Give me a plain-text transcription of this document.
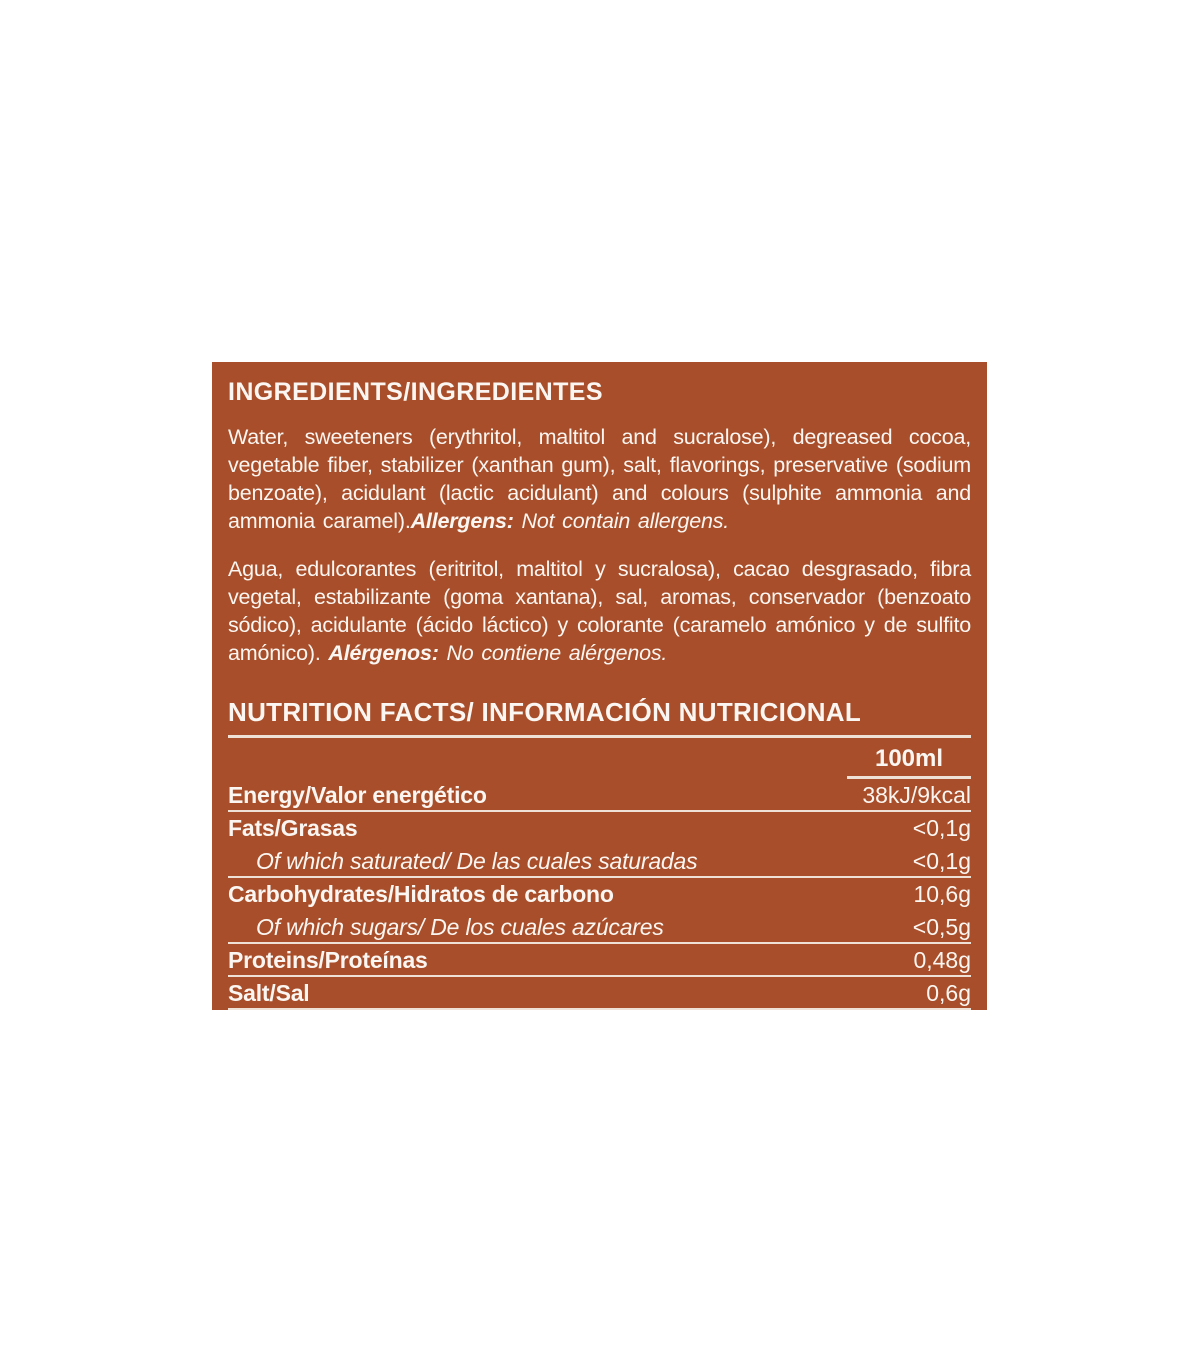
INGREDIENTS/INGREDIENTES

Water, sweeteners (erythritol, maltitol and sucralose), degreased cocoa, vegetable fiber, stabilizer (xanthan gum), salt, flavorings, preservative (sodium benzoate), acidulant (lactic acidulant) and colours (sulphite ammonia and ammonia caramel).Allergens: Not contain allergens.

Agua, edulcorantes (eritritol, maltitol y sucralosa), cacao desgrasado, fibra vegetal, estabilizante (goma xantana), sal, aromas, conservador (benzoato sódico), acidulante (ácido láctico) y colorante (caramelo amónico y de sulfito amónico). Alérgenos: No contiene alérgenos.

NUTRITION FACTS/ INFORMACIÓN NUTRICIONAL
100ml
Energy/Valor energético	38kJ/9kcal
Fats/Grasas	<0,1g
Of which saturated/ De las cuales saturadas	<0,1g
Carbohydrates/Hidratos de carbono	10,6g
Of which sugars/ De los cuales azúcares	<0,5g
Proteins/Proteínas	0,48g
Salt/Sal	0,6g
